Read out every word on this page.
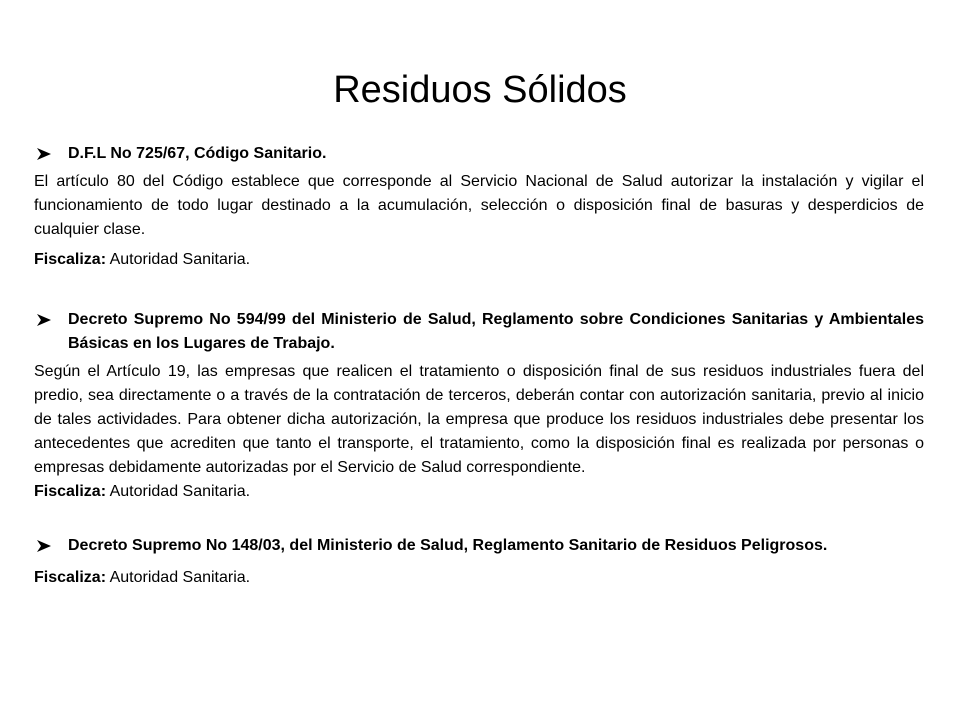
Residuos Sólidos
D.F.L No 725/67, Código Sanitario.
El artículo 80 del Código establece que corresponde al Servicio Nacional de Salud autorizar la instalación y vigilar el funcionamiento de todo lugar destinado a la acumulación, selección o disposición final de basuras y desperdicios de cualquier clase.
Fiscaliza: Autoridad Sanitaria.
Decreto Supremo No 594/99 del Ministerio de Salud, Reglamento sobre Condiciones Sanitarias y Ambientales Básicas en los Lugares de Trabajo.
Según el Artículo 19, las empresas que realicen el tratamiento o disposición final de sus residuos industriales fuera del predio, sea directamente o a través de la contratación de terceros, deberán contar con autorización sanitaria, previo al inicio de tales actividades. Para obtener dicha autorización, la empresa que produce los residuos industriales debe presentar los antecedentes que acrediten que tanto el transporte, el tratamiento, como la disposición final es realizada por personas o empresas debidamente autorizadas por el Servicio de Salud correspondiente.
Fiscaliza: Autoridad Sanitaria.
Decreto Supremo No 148/03, del Ministerio de Salud, Reglamento Sanitario de Residuos Peligrosos.
Fiscaliza: Autoridad Sanitaria.
